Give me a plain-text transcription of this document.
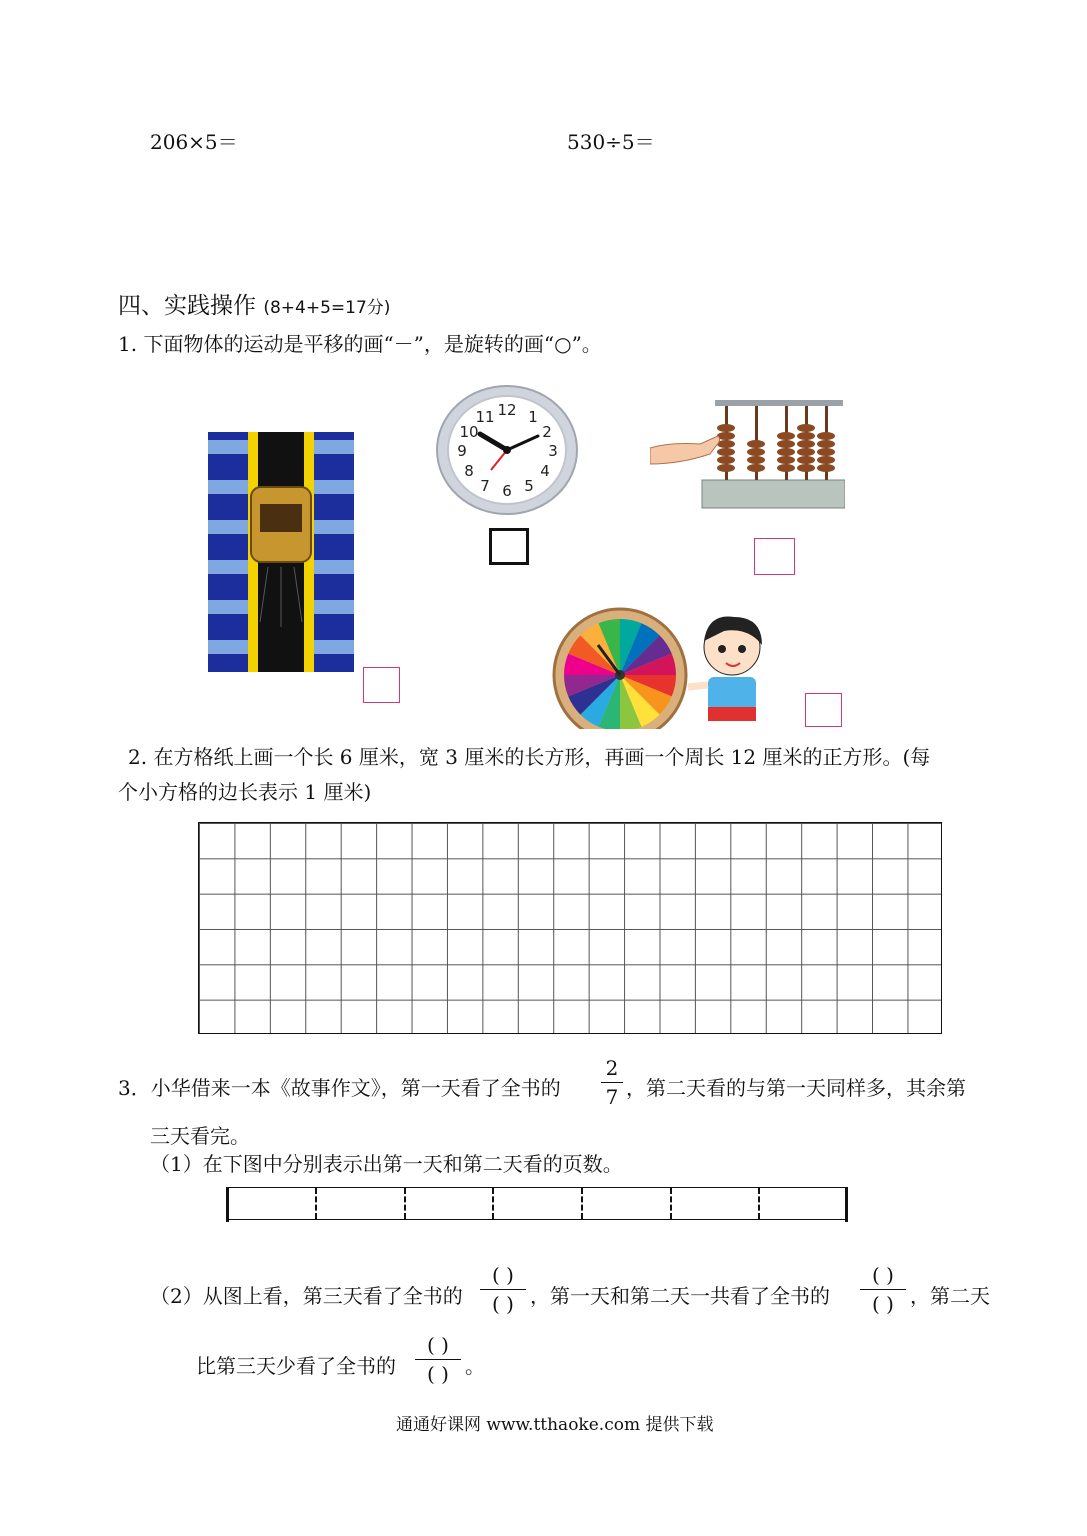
206×5＝	530÷5＝
四、实践操作 (8+4+5=17分)
1. 下面物体的运动是平移的画“－”，是旋转的画“○”。
12 1
2
3
4
5
6
7
8
9
10
11
2. 在方格纸上画一个长 6 厘米，宽 3 厘米的长方形，再画一个周长 12 厘米的正方形。(每
个小方格的边长表示 1 厘米)
3．小华借来一本《故事作文》，第一天看了全书的
2
7 ，第二天看的与第一天同样多，其余第
三天看完。
（1）在下图中分别表示出第一天和第二天看的页数。
（2）从图上看，第三天看了全书的
( )
( ) ，第一天和第二天一共看了全书的
( )
( ) ，第二天
比第三天少看了全书的
( )
( ) 。
通通好课网 www.tthaoke.com 提供下载
